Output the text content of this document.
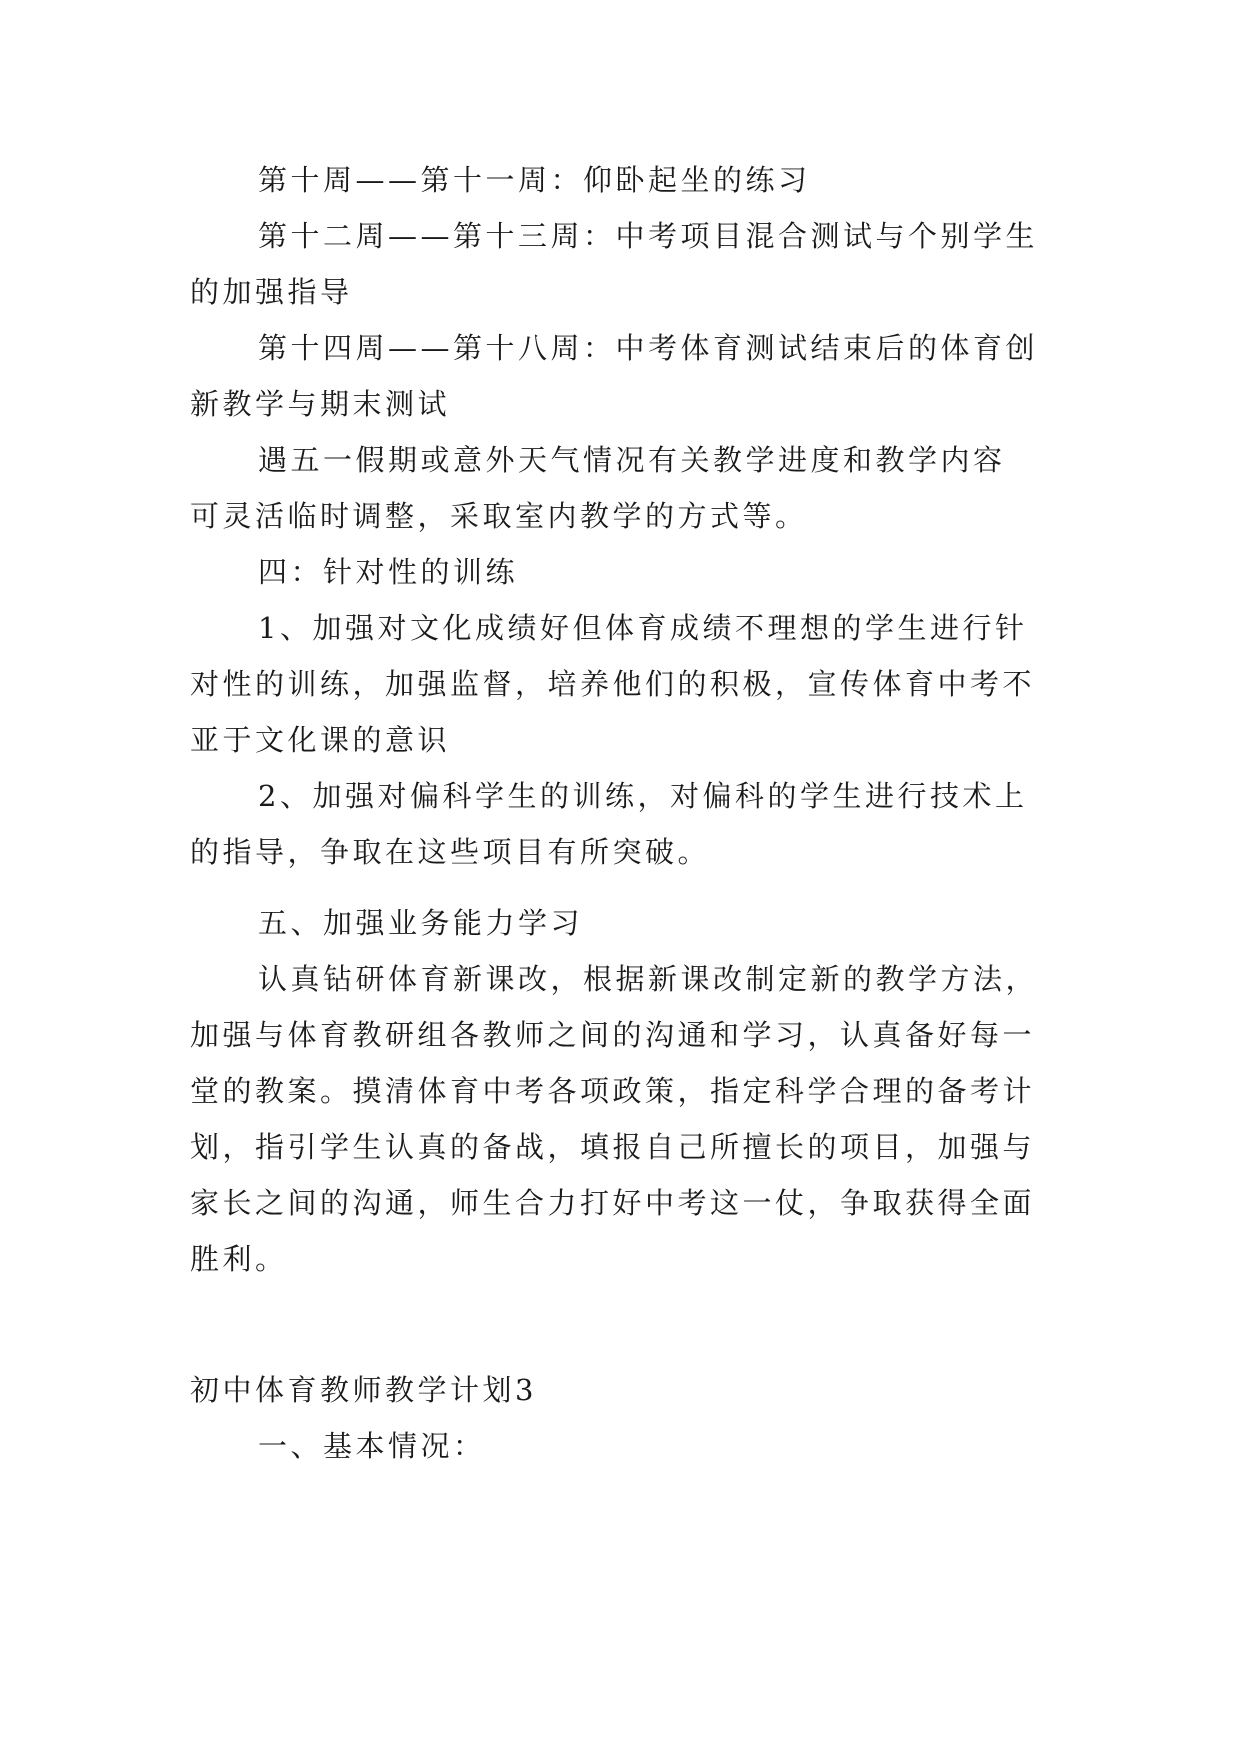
第十周——第十一周：仰卧起坐的练习
第十二周——第十三周：中考项目混合测试与个别学生
的加强指导
第十四周——第十八周：中考体育测试结束后的体育创
新教学与期末测试
遇五一假期或意外天气情况有关教学进度和教学内容
可灵活临时调整，采取室内教学的方式等。
四：针对性的训练
1、加强对文化成绩好但体育成绩不理想的学生进行针
对性的训练，加强监督，培养他们的积极，宣传体育中考不
亚于文化课的意识
2、加强对偏科学生的训练，对偏科的学生进行技术上
的指导，争取在这些项目有所突破。
五、加强业务能力学习
认真钻研体育新课改，根据新课改制定新的教学方法，
加强与体育教研组各教师之间的沟通和学习，认真备好每一
堂的教案。摸清体育中考各项政策，指定科学合理的备考计
划，指引学生认真的备战，填报自己所擅长的项目，加强与
家长之间的沟通，师生合力打好中考这一仗，争取获得全面
胜利。
初中体育教师教学计划3
一、基本情况：
